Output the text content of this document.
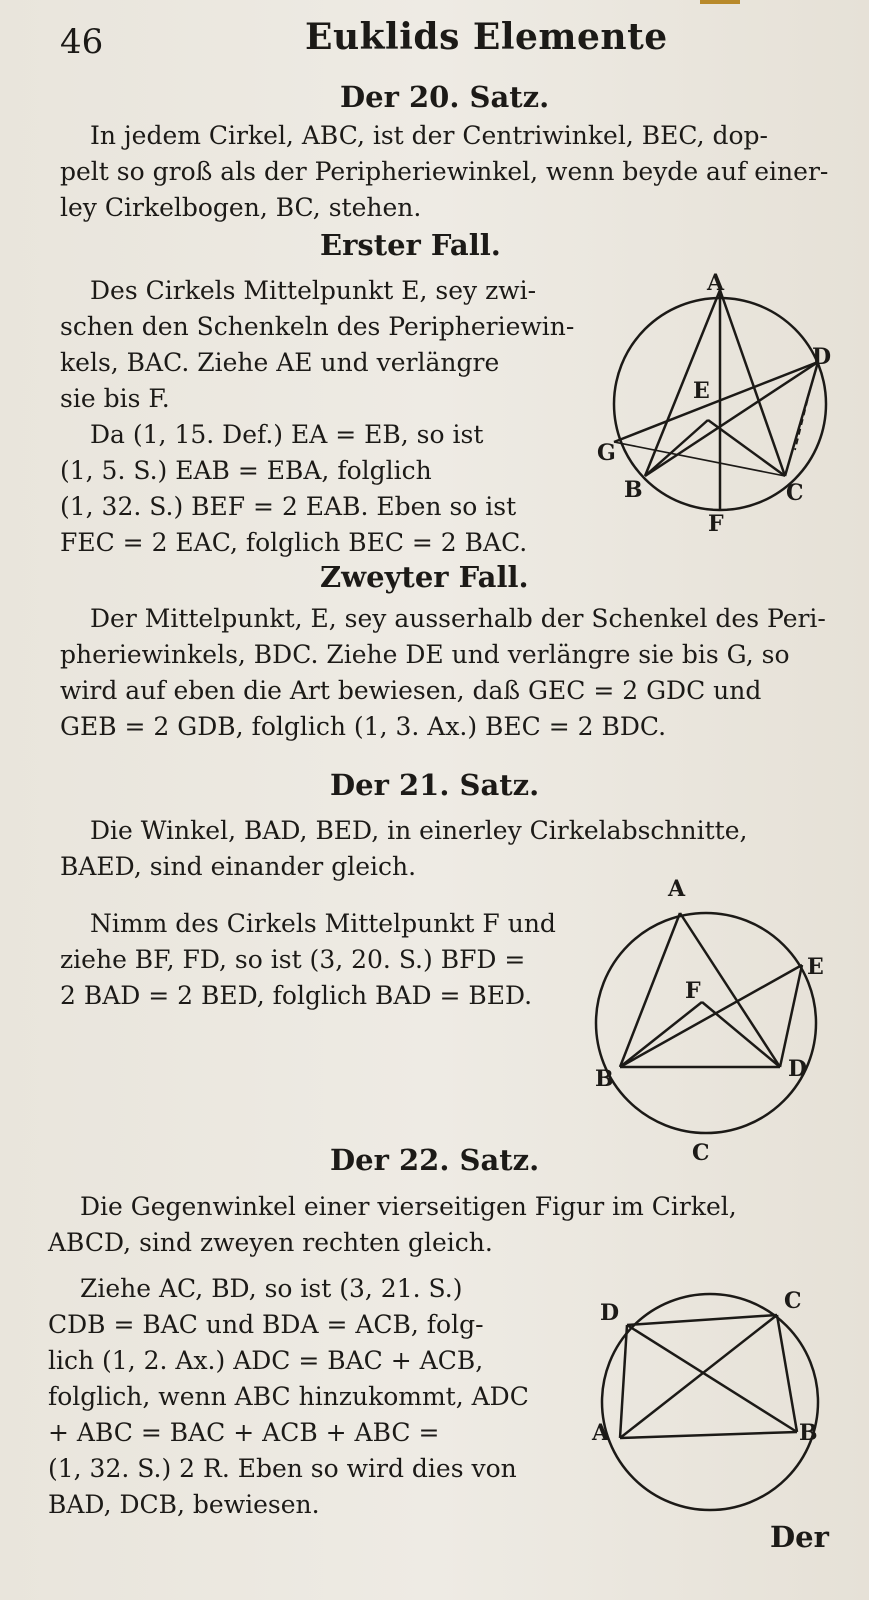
46	Euklids Elemente
Der 20. Satz.
In jedem Cirkel, ABC, ist der Centriwinkel, BEC, dop-
pelt so groß als der Peripheriewinkel, wenn beyde auf einer-
ley Cirkelbogen, BC, stehen.
Erster Fall.
Des Cirkels Mittelpunkt E, sey zwi-
schen den Schenkeln des Peripheriewin-
kels, BAC. Ziehe AE und verlängre
sie bis F.
Da (1, 15. Def.) EA = EB, so ist
(1, 5. S.) EAB = EBA, folglich
(1, 32. S.) BEF = 2 EAB. Eben so ist
FEC = 2 EAC, folglich BEC = 2 BAC.
A
D
E
G
B	C
F
Zweyter Fall.
Der Mittelpunkt, E, sey ausserhalb der Schenkel des Peri-
pheriewinkels, BDC. Ziehe DE und verlängre sie bis G, so
wird auf eben die Art bewiesen, daß GEC = 2 GDC und
GEB = 2 GDB, folglich (1, 3. Ax.) BEC = 2 BDC.
Der 21. Satz.
Die Winkel, BAD, BED, in einerley Cirkelabschnitte,
BAED, sind einander gleich.
Nimm des Cirkels Mittelpunkt F und
ziehe BF, FD, so ist (3, 20. S.) BFD =
2 BAD = 2 BED, folglich BAD = BED.
A
E
F
B	D
C
Der 22. Satz.
Die Gegenwinkel einer vierseitigen Figur im Cirkel,
ABCD, sind zweyen rechten gleich.
Ziehe AC, BD, so ist (3, 21. S.)
CDB = BAC und BDA = ACB, folg-
lich (1, 2. Ax.) ADC = BAC + ACB,
folglich, wenn ABC hinzukommt, ADC
+ ABC = BAC + ACB + ABC =
(1, 32. S.) 2 R. Eben so wird dies von
BAD, DCB, bewiesen.
D	C
A	B
Der
